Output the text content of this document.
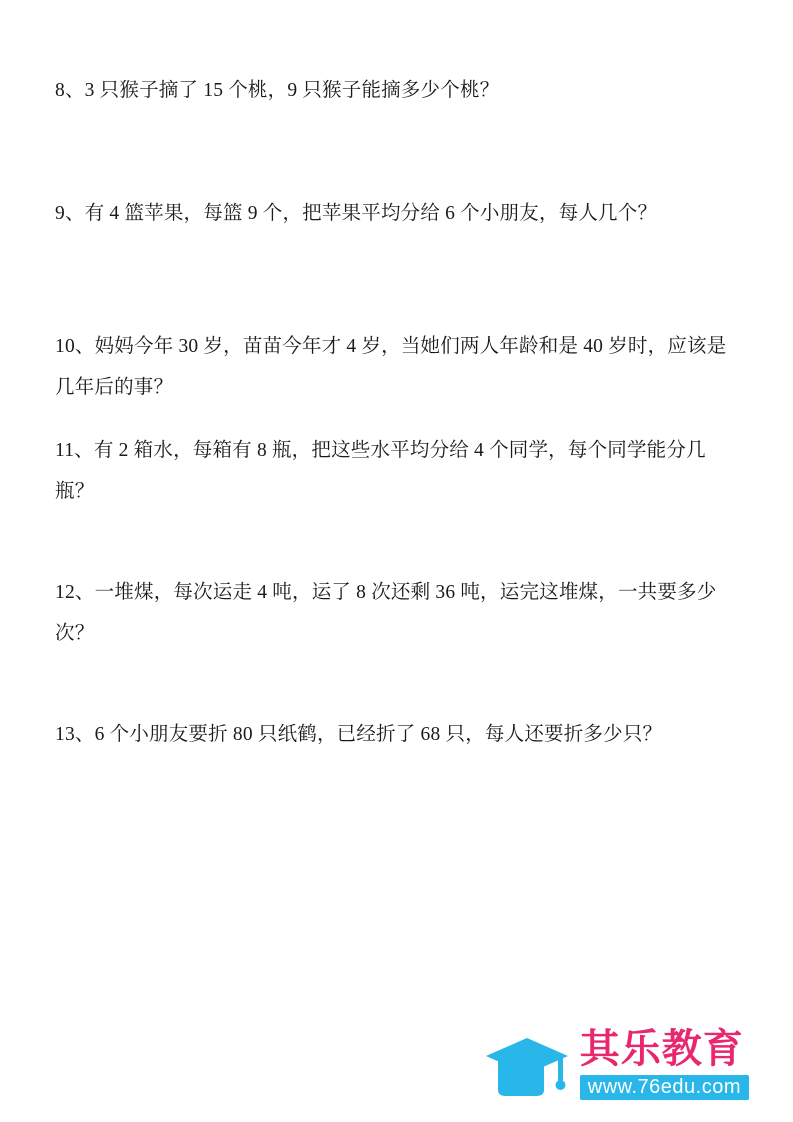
8、3 只猴子摘了 15 个桃，9 只猴子能摘多少个桃？
9、有 4 篮苹果，每篮 9 个，把苹果平均分给 6 个小朋友，每人几个？
10、妈妈今年 30 岁，苗苗今年才 4 岁，当她们两人年龄和是 40 岁时，应该是几年后的事？
11、有 2 箱水，每箱有 8 瓶，把这些水平均分给 4 个同学，每个同学能分几瓶？
12、一堆煤，每次运走 4 吨，运了 8 次还剩 36 吨，运完这堆煤，一共要多少次？
13、6 个小朋友要折 80 只纸鹤，已经折了 68 只，每人还要折多少只？
其乐教育
www.76edu.com
